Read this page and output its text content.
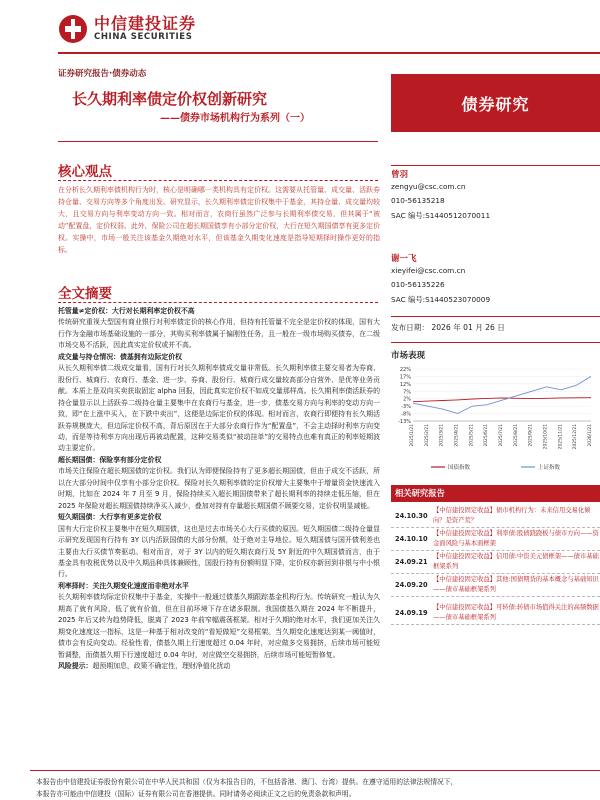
中信建投证券
CHINA SECURITIES
证券研究报告·债券动态
长久期利率债定价权创新研究
——债券市场机构行为系列（一）
债券研究
核心观点
在分析长久期利率债机构行为时，核心是明确哪一类机构具有定价权。这需要从托管量、成交量、活跃券持仓量、交易方向等多个角度出发。研究显示，长久期利率债定价权集中于基金，其持仓量、成交量均较大，且交易方向与利率变动方向一致。相对而言，农商行虽然广泛参与长期利率债交易，但其属于“被动”配置盘，定价权弱。此外，保险公司在超长期国债享有小部分定价权，大行在短久期国债享有更多定价权。实操中，市场一般关注该基金久期绝对水平，但该基金久期变化速度是指导短期择时操作更好的指标。
全文摘要

托管量≠定价权：大行对长期利率定价权不高

传统研究重视大型国有商业银行对利率债定价的核心作用，但持有托管量不完全是定价权的体现，国有大行作为金融市场基础设施的一部分，其购买利率债属于偏刚性任务，且一般在一级市场购买债券，在二级市场交易不活跃，因此真实定价权或并不高。

成交量与持仓情况：债基拥有边际定价权

从长久期利率债二级成交量看，国有行对长久期利率债成交量非常低。长久期利率债主要交易者为券商、股份行、城商行、农商行、基金、进一步、券商、股份行、城商行成交量较高部分自营外、是优等业务贡献。本质上是双向买卖获取固定 alpha 回报，因此真实定价权不如成交量那样高。长久期利率债活跃券的持仓量显示以上活跃券二级持仓量主要集中在农商行与基金，进一步，债基交易方向与利率的变动方向一致，即“在上涨中买入，在下跌中卖出”，这便是边际定价权的体现。相对而言，农商行即便持有长久期活跃券规模庞大，但边际定价权不高，背后原因在于大部分农商行作为“配置盘”，不会主动择时利率方向变动，而是等待利率方向出现后再被动配置，这种交易类似“被动挂单”的交易特点也难有真正的利率短期波动主要定价。

超长期国债：保险享有部分定价权

市场关注保险在超长期国债的定价权。我们认为即便保险持有了更多超长期国债，但由于成交不活跃，所以在大部分时间中仅享有小部分定价权。保险对长久期利率债的定价权增大主要集中于增量资金快速流入时期，比如在 2024 年 7 月至 9 月，保险持续买入超长期国债带来了超长期利率的持续走低压缩，但在 2025 年保险对超长期国债持续净买入减少，叠加对持有存量超长期国债不顾要交易，定价权明显减能。

短久期国债：大行享有更多定价权

国有大行定价权主要集中在短久期国债，这也是过去市场关心大行买债的原因。短久期国债二级持仓量显示研究发现国有行持有 3Y 以内活跃国债的大部分份额，处于绝对主导地位。短久期国债与国开债利差也主要由大行买债节奏驱动。相对而言，对于 3Y 以内的短久期农商行及 5Y 附近的中久期国债而言，由于基金具有收税优势以及中久期品种具体兼顾性，国股行持有份额明显下降，定价权亦新回到非银与中小银行。

利率择时：关注久期变化速度而非绝对水平

长久期利率债均际定价权集中于基金，实操中一般通过债基久期跟踪基金机构行为。传统研究一般认为久期高了就有风险，低了就有价值，但在目前环境下存在诸多限制。我国债基久期在 2024 年不断提升，2025 年后又转为趋势降低，脱离了 2023 年前窄幅震荡框架。相对于久期的绝对水平，我们更加关注久期变化速度这一指标，这是一种基于相对改变的“看短做短”交易框架。当久期变化速度达到某一阈值时，债市会有反向变动。经验性看，债基久期上行速度超过 0.04 年时，对应做多交易拥挤，后续市场可能短暂调整，而债基久期下行速度超过 0.04 年时，对应做空交易拥挤，后续市场可能短暂修复。

风险提示：超预期加息，政策不确定性，理财净值化扰动

曾羽
zengyu@csc.com.cn
010-56135218
SAC 编号:S1440512070011
谢一飞
xieyifei@csc.com.cn
010-56135226
SAC 编号:S1440523070009
发布日期： 2026 年 01 月 26 日
市场表现
22%
17%
12%
7%
2%
-3%
-8%
-13%
2025/1/21 2025/2/21 2025/3/21 2025/4/21 2025/5/21 2025/6/21 2025/7/21 2025/8/21 2025/9/21 2025/10/21 2025/11/21 2025/12/21 2026/1/21
国债指数	上证指数
相关研究报告
24.10.30
【中信建投固定收益】债市机构行为：未来信用交易化倾向？是资产荒？
24.10.10
【中信建投固定收益】利率债:股债跷跷板与债市方向——资金面风险与基本面框架
24.09.21
【中信建投固定收益】信用债:中资美元债框架——债市基础框架系列
24.09.20
【中信建投固定收益】其他:国债期货的基本概念与基础知识——债市基础框架系列
24.09.19
【中信建投固定收益】可转债:转债市场值得关注的高频数据——债市基础框架系列
本报告由中信建投证券股份有限公司在中华人民共和国（仅为本报告目的，不包括香港、澳门、台湾）提供。在遵守适用的法律法规情况下，
本报告亦可能由中信建投（国际）证券有限公司在香港提供。同时请务必阅读正文之后的免责条款和声明。
